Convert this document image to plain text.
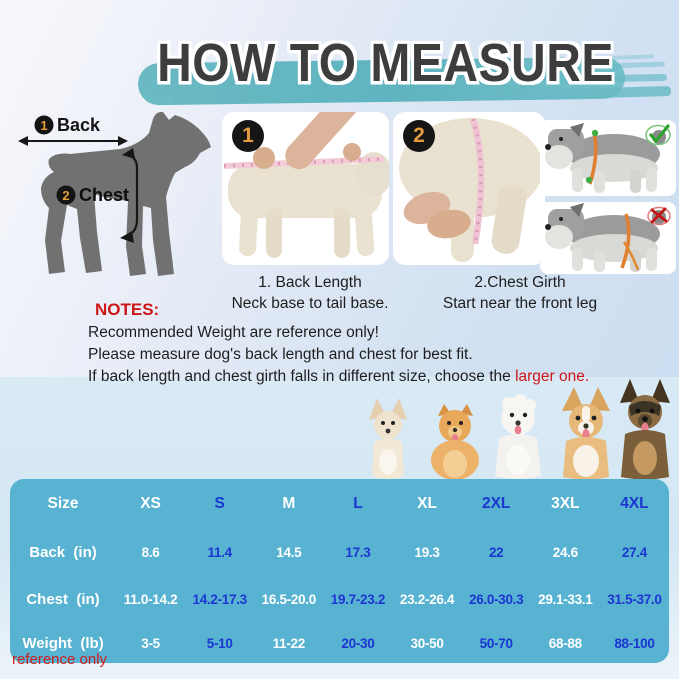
HOW TO MEASURE
1 Back
2 Chest
1	2
1. Back Length
Neck base to tail base.
2.Chest Girth
Start near the front leg
NOTES:
Recommended Weight are reference only!
Please measure dog's back length and chest for best fit.
If back length and chest girth falls in different size, choose the larger one.
Size	XS	S	M	L	XL	2XL	3XL	4XL
Back  (in)	8.6	11.4	14.5	17.3	19.3	22	24.6	27.4
Chest  (in) 11.0-14.2 14.2-17.3 16.5-20.0 19.7-23.2 23.2-26.4 26.0-30.3 29.1-33.1 31.5-37.0
Weight  (lb)	3-5	5-10	11-22	20-30	30-50	50-70	68-88 88-100
reference only
